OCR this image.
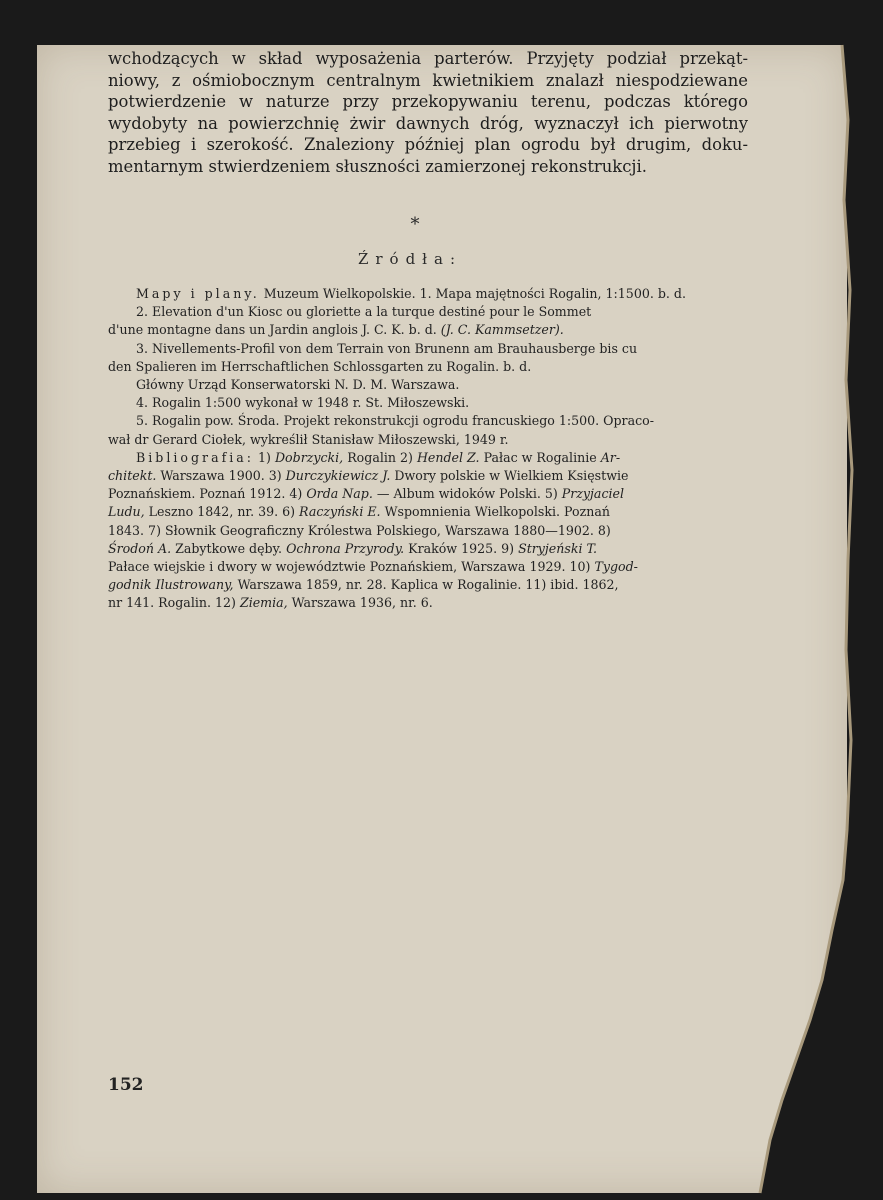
wchodzących w skład wyposażenia parterów. Przyjęty podział przekąt-
niowy, z ośmiobocznym centralnym kwietnikiem znalazł niespodziewane
potwierdzenie w naturze przy przekopywaniu terenu, podczas którego
wydobyty na powierzchnię żwir dawnych dróg, wyznaczył ich pierwotny
przebieg i szerokość. Znaleziony później plan ogrodu był drugim, doku-
mentarnym stwierdzeniem słuszności zamierzonej rekonstrukcji.
*
Źródła:
Mapy i plany. Muzeum Wielkopolskie. 1. Mapa majętności Rogalin, 1:1500. b. d.
2. Elevation d'un Kiosc ou gloriette a la turque destiné pour le Sommet
d'une montagne dans un Jardin anglois J. C. K. b. d. (J. C. Kammsetzer).
3. Nivellements-Profil von dem Terrain von Brunenn am Brauhausberge bis cu
den Spalieren im Herrschaftlichen Schlossgarten zu Rogalin. b. d.
Główny Urząd Konserwatorski N. D. M. Warszawa.
4. Rogalin 1:500 wykonał w 1948 r. St. Miłoszewski.
5. Rogalin pow. Środa. Projekt rekonstrukcji ogrodu francuskiego 1:500. Opraco-
wał dr Gerard Ciołek, wykreślił Stanisław Miłoszewski, 1949 r.
Bibliografia: 1) Dobrzycki, Rogalin 2) Hendel Z. Pałac w Rogalinie Ar-
chitekt. Warszawa 1900. 3) Durczykiewicz J. Dwory polskie w Wielkiem Księstwie
Poznańskiem. Poznań 1912. 4) Orda Nap. — Album widoków Polski. 5) Przyjaciel
Ludu, Leszno 1842, nr. 39. 6) Raczyński E. Wspomnienia Wielkopolski. Poznań
1843. 7) Słownik Geograficzny Królestwa Polskiego, Warszawa 1880—1902. 8)
Środoń A. Zabytkowe dęby. Ochrona Przyrody. Kraków 1925. 9) Stryjeński T.
Pałace wiejskie i dwory w województwie Poznańskiem, Warszawa 1929. 10) Tygod-
godnik Ilustrowany, Warszawa 1859, nr. 28. Kaplica w Rogalinie. 11) ibid. 1862,
nr 141. Rogalin. 12) Ziemia, Warszawa 1936, nr. 6.
152
